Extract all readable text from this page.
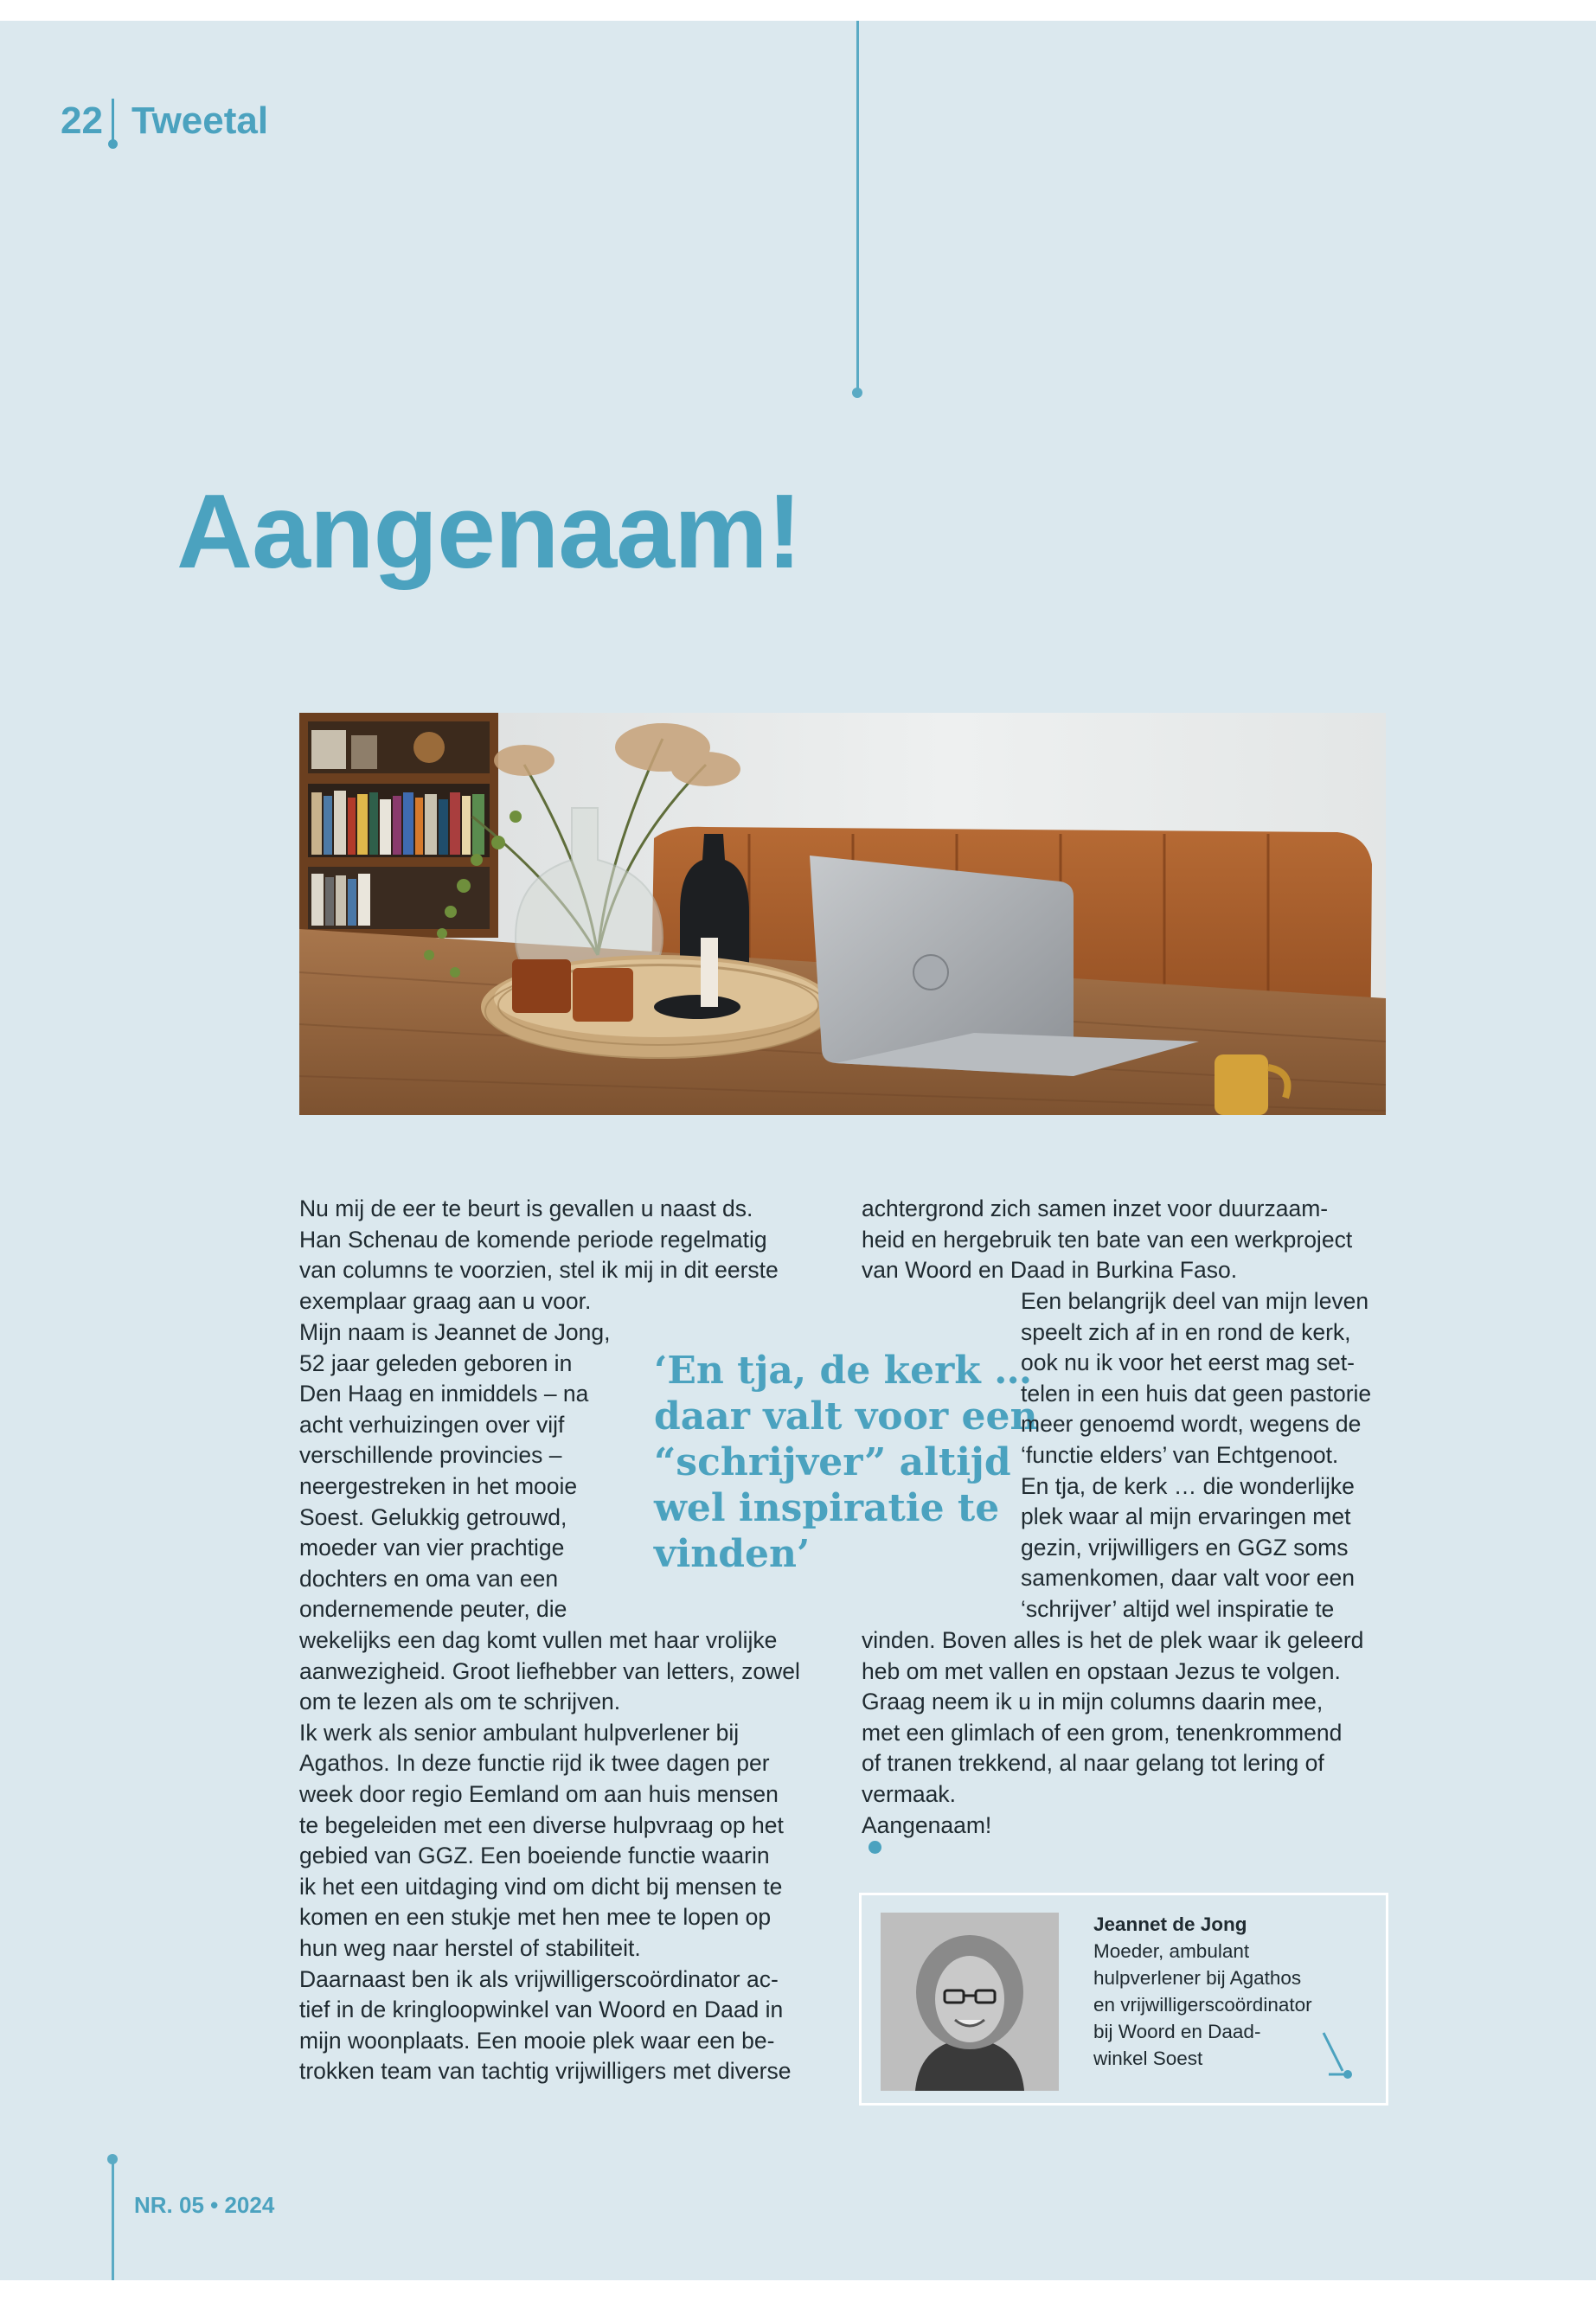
22 Tweetal
Aangenaam!
Nu mij de eer te beurt is gevallen u naast ds.
Han Schenau de komende periode regelmatig
van columns te voorzien, stel ik mij in dit eerste
exemplaar graag aan u voor.
Mijn naam is Jeannet de Jong,
52 jaar geleden geboren in
Den Haag en inmiddels – na
acht verhuizingen over vijf
verschillende provincies –
neergestreken in het mooie
Soest. Gelukkig getrouwd,
moeder van vier prachtige
dochters en oma van een
ondernemende peuter, die
wekelijks een dag komt vullen met haar vrolijke
aanwezigheid. Groot liefhebber van letters, zowel
om te lezen als om te schrijven.
Ik werk als senior ambulant hulpverlener bij
Agathos. In deze functie rijd ik twee dagen per
week door regio Eemland om aan huis mensen
te begeleiden met een diverse hulpvraag op het
gebied van GGZ. Een boeiende functie waarin
ik het een uitdaging vind om dicht bij mensen te
komen en een stukje met hen mee te lopen op
hun weg naar herstel of stabiliteit.
Daarnaast ben ik als vrijwilligerscoördinator ac-
tief in de kringloopwinkel van Woord en Daad in
mijn woonplaats. Een mooie plek waar een be-
trokken team van tachtig vrijwilligers met diverse
‘En tja, de kerk …
daar valt voor een
“schrijver” altijd
wel inspiratie te
vinden’
achtergrond zich samen inzet voor duurzaam-
heid en hergebruik ten bate van een werkproject
van Woord en Daad in Burkina Faso.
Een belangrijk deel van mijn leven
speelt zich af in en rond de kerk,
ook nu ik voor het eerst mag set-
telen in een huis dat geen pastorie
meer genoemd wordt, wegens de
‘functie elders’ van Echtgenoot.
En tja, de kerk … die wonderlijke
plek waar al mijn ervaringen met
gezin, vrijwilligers en GGZ soms
samenkomen, daar valt voor een
‘schrijver’ altijd wel inspiratie te
vinden. Boven alles is het de plek waar ik geleerd
heb om met vallen en opstaan Jezus te volgen.
Graag neem ik u in mijn columns daarin mee,
met een glimlach of een grom, tenenkrommend
of tranen trekkend, al naar gelang tot lering of
vermaak.
Aangenaam!
Jeannet de Jong
Moeder, ambulant
hulpverlener bij Agathos
en vrijwilligerscoördinator
bij Woord en Daad-
winkel Soest
NR. 05 • 2024
